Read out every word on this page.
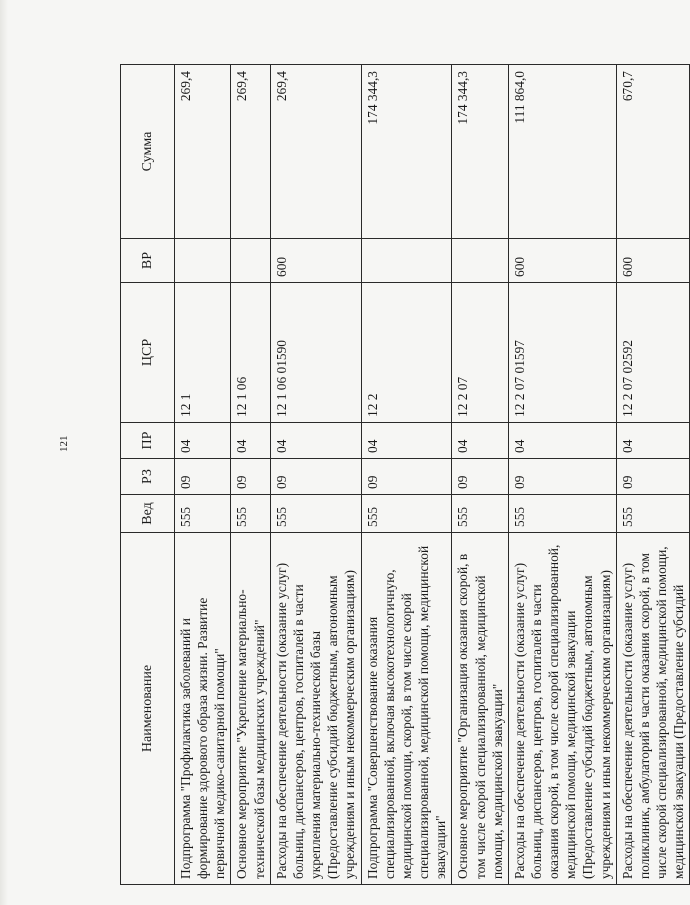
121
Наименование	Вед	РЗ	ПР	ЦСР	ВР	Сумма
Подпрограмма "Профилактика заболеваний и формирование здорового образа жизни. Развитие первичной медико-санитарной помощи"	555	09	04	12 1		269,4
Основное мероприятие "Укрепление материально-технической базы медицинских учреждений"	555	09	04	12 1 06		269,4
Расходы на обеспечение деятельности (оказание услуг) больниц, диспансеров, центров, госпиталей в части укрепления материально-технической базы (Предоставление субсидий бюджетным, автономным учреждениям и иным некоммерческим организациям)	555	09	04	12 1 06 01590	600	269,4
Подпрограмма "Совершенствование оказания специализированной, включая высокотехнологичную, медицинской помощи, скорой, в том числе скорой специализированной, медицинской помощи, медицинской эвакуации"	555	09	04	12 2		174 344,3
Основное мероприятие "Организация оказания скорой, в том числе скорой специализированной, медицинской помощи, медицинской эвакуации"	555	09	04	12 2 07		174 344,3
Расходы на обеспечение деятельности (оказание услуг) больниц, диспансеров, центров, госпиталей в части оказания скорой, в том числе скорой специализированной, медицинской помощи, медицинской эвакуации (Предоставление субсидий бюджетным, автономным учреждениям и иным некоммерческим организациям)	555	09	04	12 2 07 01597	600	111 864,0
Расходы на обеспечение деятельности (оказание услуг) поликлиник, амбулаторий в части оказания скорой, в том числе скорой специализированной, медицинской помощи, медицинской эвакуации (Предоставление субсидий	555	09	04	12 2 07 02592	600	670,7
